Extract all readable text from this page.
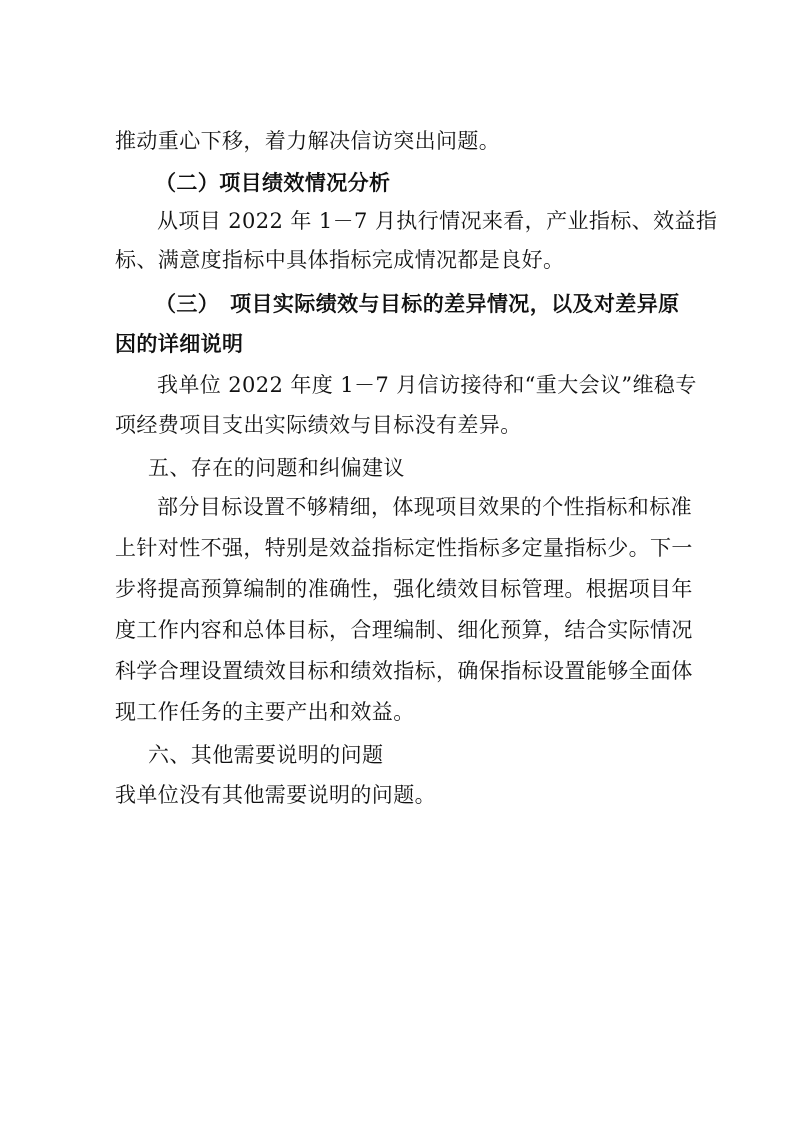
推动重心下移，着力解决信访突出问题。
（二）项目绩效情况分析
从项目 2022 年 1－7 月执行情况来看，产业指标、效益指
标、满意度指标中具体指标完成情况都是良好。
（三）　项目实际绩效与目标的差异情况，以及对差异原
因的详细说明
我单位 2022 年度 1－7 月信访接待和“重大会议”维稳专
项经费项目支出实际绩效与目标没有差异。
五、存在的问题和纠偏建议
部分目标设置不够精细，体现项目效果的个性指标和标准
上针对性不强，特别是效益指标定性指标多定量指标少。下一
步将提高预算编制的准确性，强化绩效目标管理。根据项目年
度工作内容和总体目标，合理编制、细化预算，结合实际情况
科学合理设置绩效目标和绩效指标，确保指标设置能够全面体
现工作任务的主要产出和效益。
六、其他需要说明的问题
我单位没有其他需要说明的问题。
